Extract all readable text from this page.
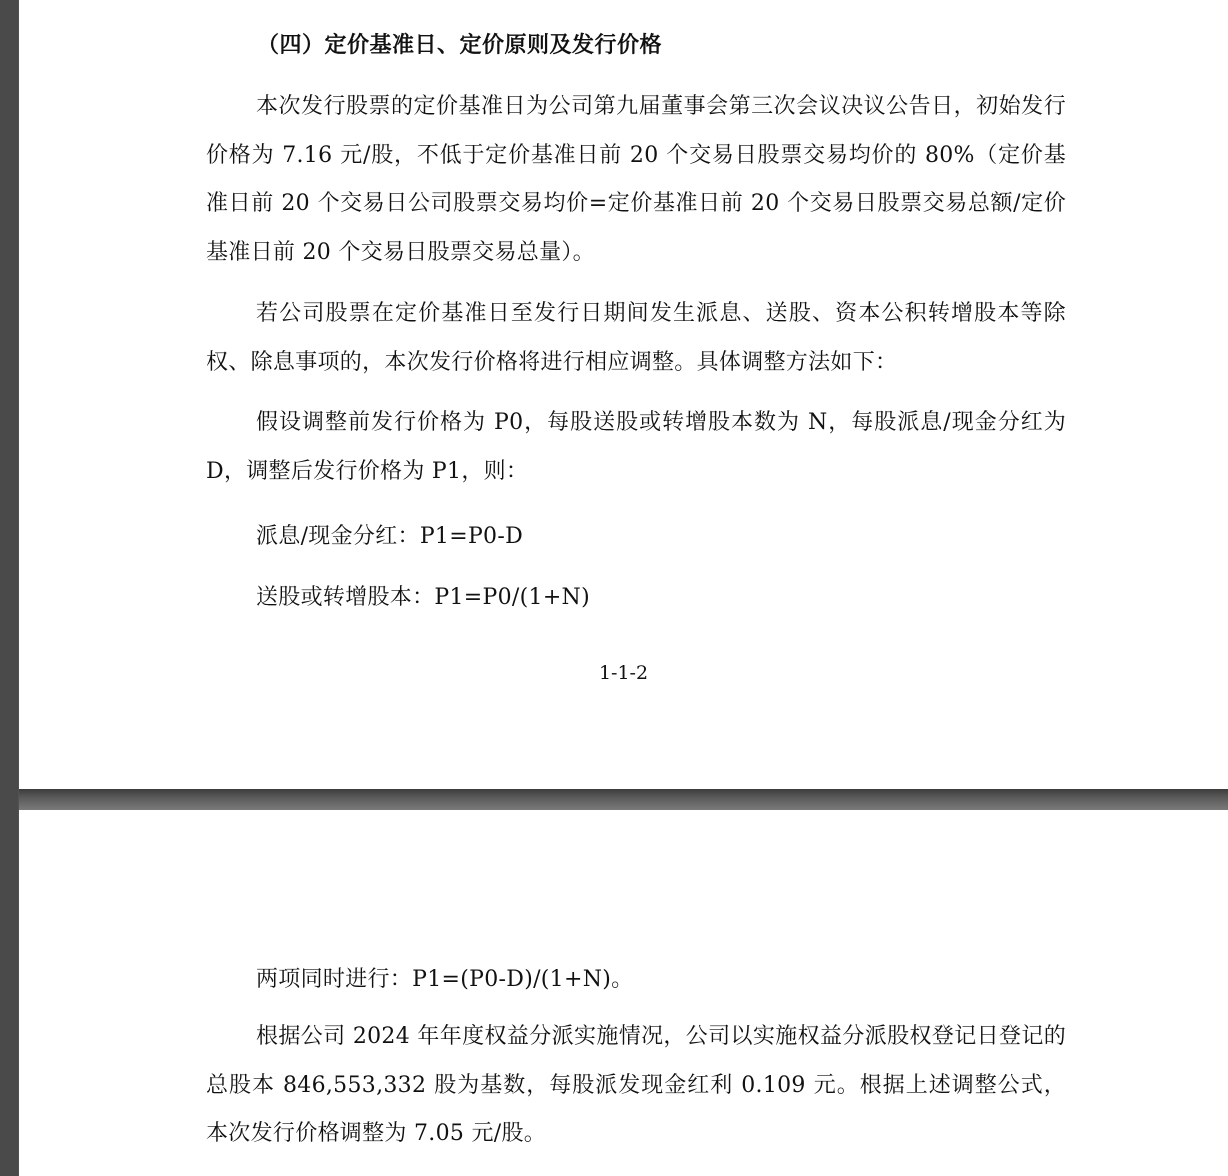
（四）定价基准日、定价原则及发行价格

本次发行股票的定价基准日为公司第九届董事会第三次会议决议公告日，初始发行价格为 7.16 元/股，不低于定价基准日前 20 个交易日股票交易均价的 80%（定价基准日前 20 个交易日公司股票交易均价=定价基准日前 20 个交易日股票交易总额/定价基准日前 20 个交易日股票交易总量）。

若公司股票在定价基准日至发行日期间发生派息、送股、资本公积转增股本等除权、除息事项的，本次发行价格将进行相应调整。具体调整方法如下：

假设调整前发行价格为 P0，每股送股或转增股本数为 N，每股派息/现金分红为 D，调整后发行价格为 P1，则：

派息/现金分红：P1=P0-D
送股或转增股本：P1=P0/(1+N)
1-1-2
两项同时进行：P1=(P0-D)/(1+N)。

根据公司 2024 年年度权益分派实施情况，公司以实施权益分派股权登记日登记的总股本 846,553,332 股为基数，每股派发现金红利 0.109 元。根据上述调整公式，本次发行价格调整为 7.05 元/股。
